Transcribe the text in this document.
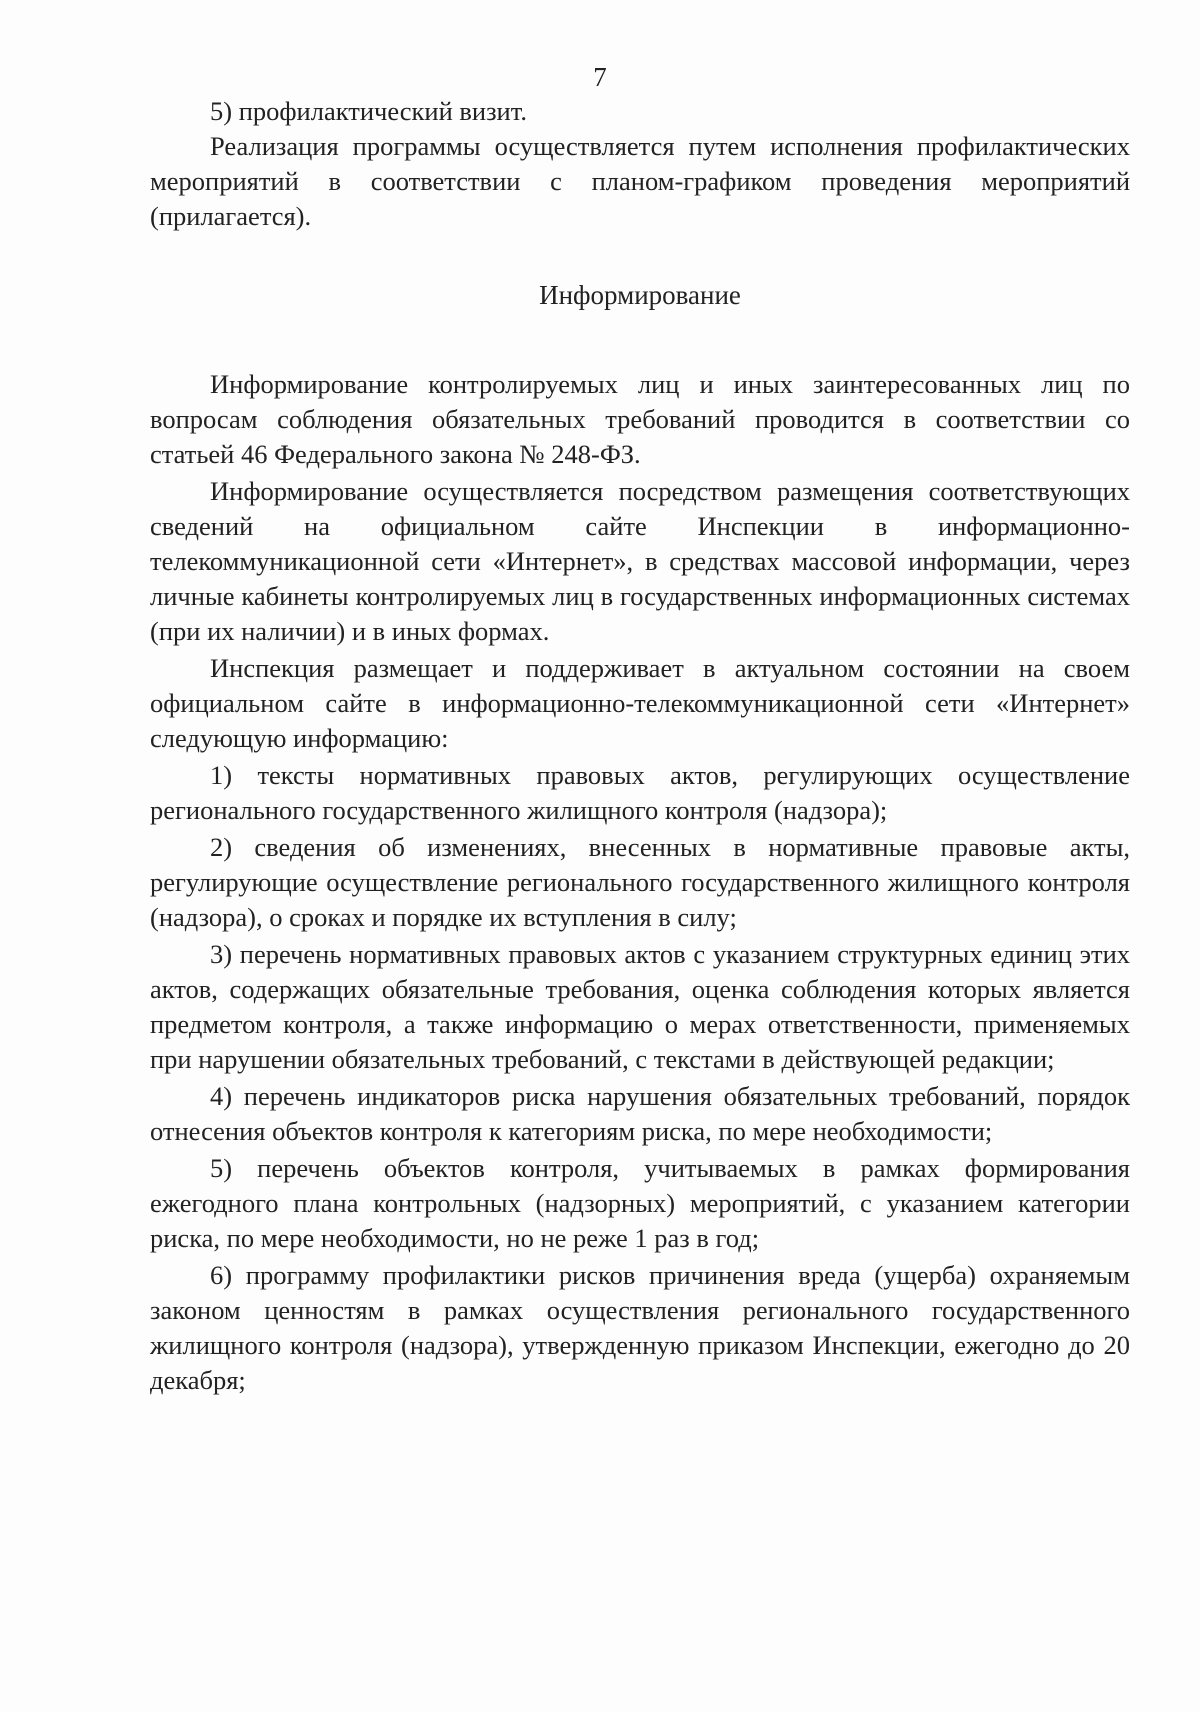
7

5) профилактический визит.

Реализация программы осуществляется путем исполнения профилактических мероприятий в соответствии с планом-графиком проведения мероприятий (прилагается).

Информирование

Информирование контролируемых лиц и иных заинтересованных лиц по вопросам соблюдения обязательных требований проводится в соответствии со статьей 46 Федерального закона № 248-ФЗ.

Информирование осуществляется посредством размещения соответствующих сведений на официальном сайте Инспекции в информационно-телекоммуникационной сети «Интернет», в средствах массовой информации, через личные кабинеты контролируемых лиц в государственных информационных системах (при их наличии) и в иных формах.

Инспекция размещает и поддерживает в актуальном состоянии на своем официальном сайте в информационно-телекоммуникационной сети «Интернет» следующую информацию:

1) тексты нормативных правовых актов, регулирующих осуществление регионального государственного жилищного контроля (надзора);

2) сведения об изменениях, внесенных в нормативные правовые акты, регулирующие осуществление регионального государственного жилищного контроля (надзора), о сроках и порядке их вступления в силу;

3) перечень нормативных правовых актов с указанием структурных единиц этих актов, содержащих обязательные требования, оценка соблюдения которых является предметом контроля, а также информацию о мерах ответственности, применяемых при нарушении обязательных требований, с текстами в действующей редакции;

4) перечень индикаторов риска нарушения обязательных требований, порядок отнесения объектов контроля к категориям риска, по мере необходимости;

5) перечень объектов контроля, учитываемых в рамках формирования ежегодного плана контрольных (надзорных) мероприятий, с указанием категории риска, по мере необходимости, но не реже 1 раз в год;

6) программу профилактики рисков причинения вреда (ущерба) охраняемым законом ценностям в рамках осуществления регионального государственного жилищного контроля (надзора), утвержденную приказом Инспекции, ежегодно до 20 декабря;
